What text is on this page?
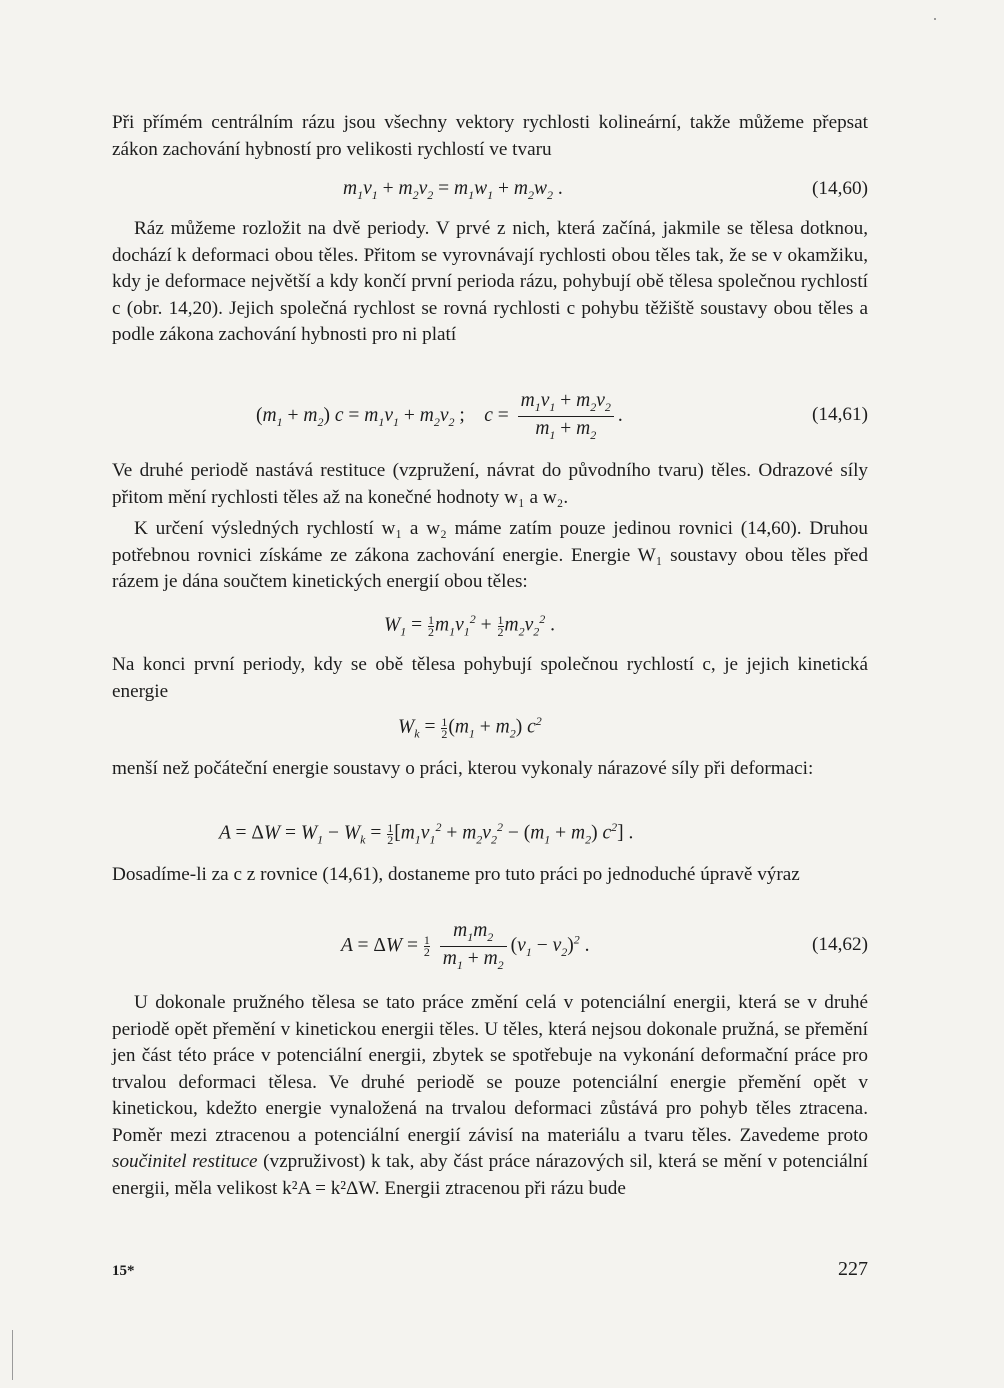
Při přímém centrálním rázu jsou všechny vektory rychlosti kolineární, takže můžeme přepsat zákon zachování hybností pro velikosti rychlostí ve tvaru
$m_1v_1 + m_2v_2 = m_1w_1 + m_2w_2$ .	(14,60)
Ráz můžeme rozložit na dvě periody. V prvé z nich, která začíná, jakmile se tělesa dotknou, dochází k deformaci obou těles. Přitom se vyrovnávají rychlosti obou těles tak, že se v okamžiku, kdy je deformace největší a kdy končí první perioda rázu, pohybují obě tělesa společnou rychlostí c (obr. 14,20). Jejich společná rychlost se rovná rychlosti c pohybu těžiště soustavy obou těles a podle zákona zachování hybnosti pro ni platí
$(m_1 + m_2) c = m_1v_1 + m_2v_2$ ;    $c = \frac{m_1v_1 + m_2v_2}{m_1 + m_2}$ .	(14,61)
Ve druhé periodě nastává restituce (vzpružení, návrat do původního tvaru) těles. Odrazové síly přitom mění rychlosti těles až na konečné hodnoty w₁ a w₂.
K určení výsledných rychlostí w₁ a w₂ máme zatím pouze jedinou rovnici (14,60). Druhou potřebnou rovnici získáme ze zákona zachování energie. Energie W₁ soustavy obou těles před rázem je dána součtem kinetických energií obou těles:
$W_1 = \frac{1}{2}m_1v_1^2 + \frac{1}{2}m_2v_2^2$ .
Na konci první periody, kdy se obě tělesa pohybují společnou rychlostí c, je jejich kinetická energie
$W_k = \frac{1}{2}(m_1 + m_2)$ $c^2$
menší než počáteční energie soustavy o práci, kterou vykonaly nárazové síly při deformaci:
$A = \Delta W = W_1 - W_k = \frac{1}{2}[m_1v_1^2 + m_2v_2^2 - (m_1 + m_2)$ $c^2$] .
Dosadíme-li za c z rovnice (14,61), dostaneme pro tuto práci po jednoduché úpravě výraz
$A = \Delta W = \frac{1}{2} \frac{m_1m_2}{m_1 + m_2} (v_1 - v_2)^2$ .	(14,62)
U dokonale pružného tělesa se tato práce změní celá v potenciální energii, která se v druhé periodě opět přemění v kinetickou energii těles. U těles, která nejsou dokonale pružná, se přemění jen část této práce v potenciální energii, zbytek se spotřebuje na vykonání deformační práce pro trvalou deformaci tělesa. Ve druhé periodě se pouze potenciální energie přemění opět v kinetickou, kdežto energie vynaložená na trvalou deformaci zůstává pro pohyb těles ztracena. Poměr mezi ztracenou a potenciální energií závisí na materiálu a tvaru těles. Zavedeme proto součinitel restituce (vzpruživost) k tak, aby část práce nárazových sil, která se mění v potenciální energii, měla velikost k²A = k²ΔW. Energii ztracenou při rázu bude
15*	227
